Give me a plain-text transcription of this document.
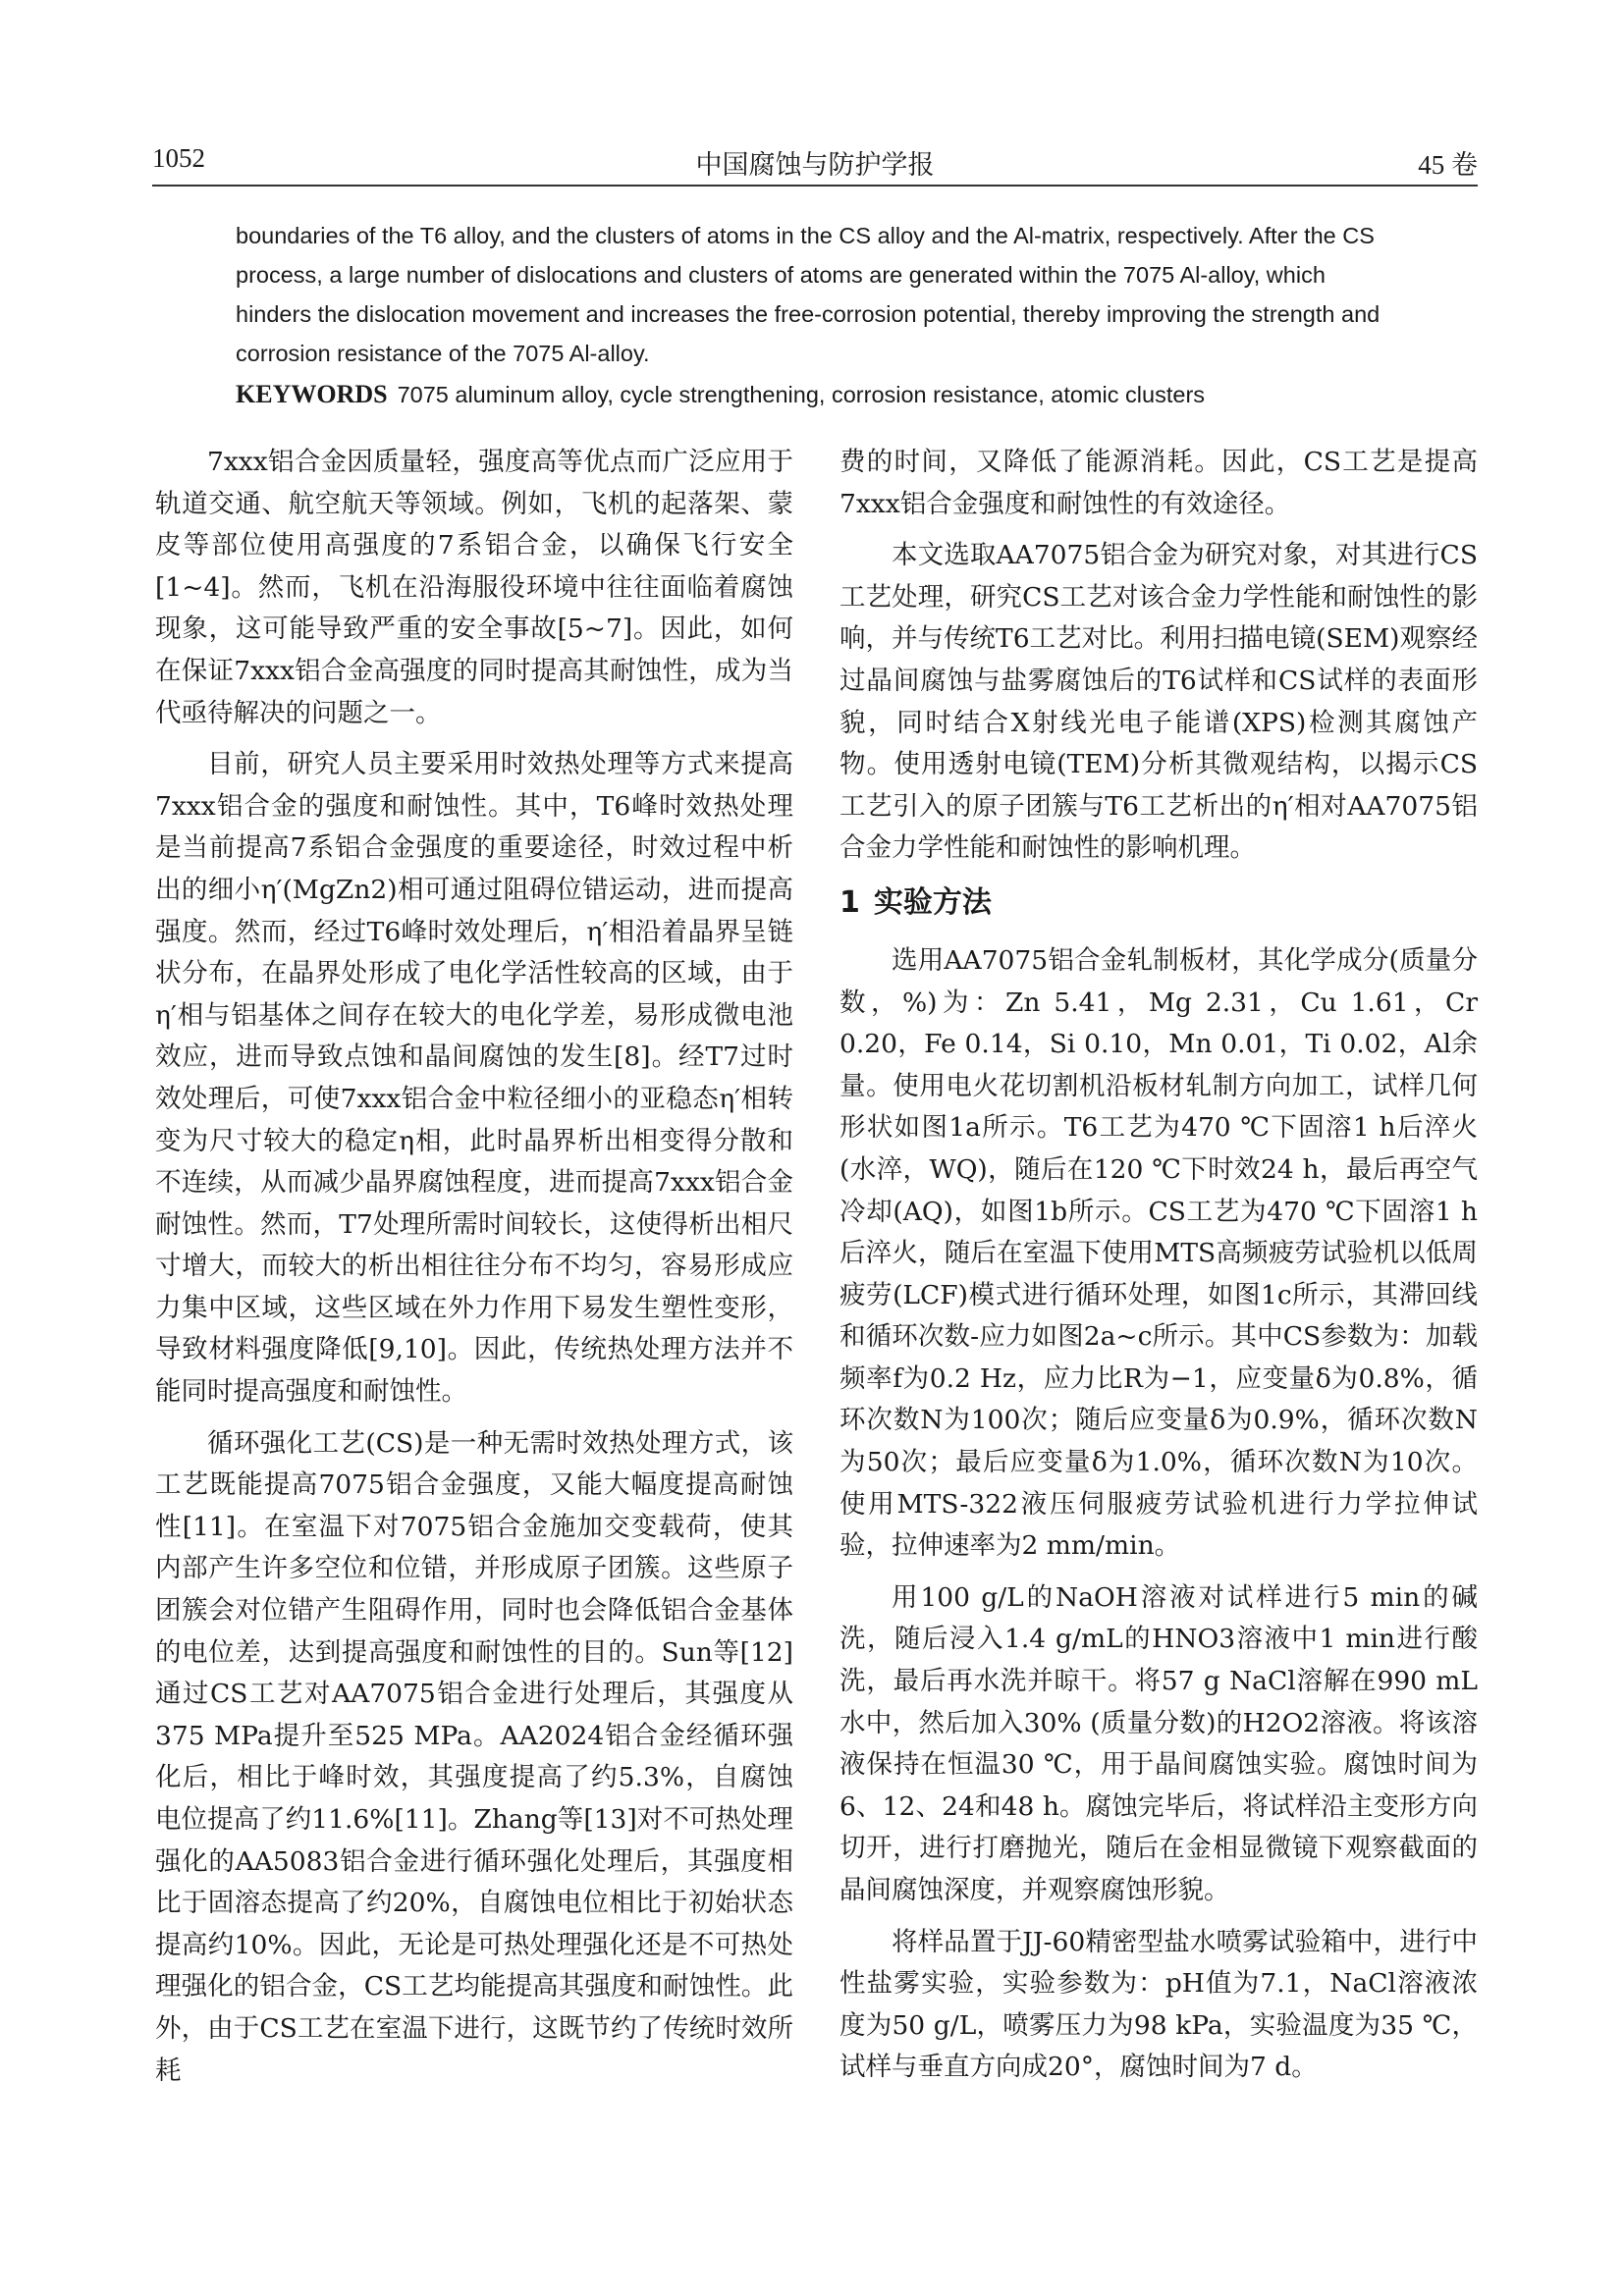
1052	中国腐蚀与防护学报	45 卷

boundaries of the T6 alloy, and the clusters of atoms in the CS alloy and the Al-matrix, respectively. After the CS process, a large number of dislocations and clusters of atoms are generated within the 7075 Al-alloy, which hinders the dislocation movement and increases the free-corrosion potential, thereby improving the strength and corrosion resistance of the 7075 Al-alloy.

KEYWORDS 7075 aluminum alloy, cycle strengthening, corrosion resistance, atomic clusters

7xxx铝合金因质量轻，强度高等优点而广泛应用于轨道交通、航空航天等领域。例如，飞机的起落架、蒙皮等部位使用高强度的7系铝合金，以确保飞行安全[1~4]。然而，飞机在沿海服役环境中往往面临着腐蚀现象，这可能导致严重的安全事故[5~7]。因此，如何在保证7xxx铝合金高强度的同时提高其耐蚀性，成为当代亟待解决的问题之一。

目前，研究人员主要采用时效热处理等方式来提高7xxx铝合金的强度和耐蚀性。其中，T6峰时效热处理是当前提高7系铝合金强度的重要途径，时效过程中析出的细小η′(MgZn2)相可通过阻碍位错运动，进而提高强度。然而，经过T6峰时效处理后，η′相沿着晶界呈链状分布，在晶界处形成了电化学活性较高的区域，由于η′相与铝基体之间存在较大的电化学差，易形成微电池效应，进而导致点蚀和晶间腐蚀的发生[8]。经T7过时效处理后，可使7xxx铝合金中粒径细小的亚稳态η′相转变为尺寸较大的稳定η相，此时晶界析出相变得分散和不连续，从而减少晶界腐蚀程度，进而提高7xxx铝合金耐蚀性。然而，T7处理所需时间较长，这使得析出相尺寸增大，而较大的析出相往往分布不均匀，容易形成应力集中区域，这些区域在外力作用下易发生塑性变形，导致材料强度降低[9,10]。因此，传统热处理方法并不能同时提高强度和耐蚀性。

循环强化工艺(CS)是一种无需时效热处理方式，该工艺既能提高7075铝合金强度，又能大幅度提高耐蚀性[11]。在室温下对7075铝合金施加交变载荷，使其内部产生许多空位和位错，并形成原子团簇。这些原子团簇会对位错产生阻碍作用，同时也会降低铝合金基体的电位差，达到提高强度和耐蚀性的目的。Sun等[12]通过CS工艺对AA7075铝合金进行处理后，其强度从375 MPa提升至525 MPa。AA2024铝合金经循环强化后，相比于峰时效，其强度提高了约5.3%，自腐蚀电位提高了约11.6%[11]。Zhang等[13]对不可热处理强化的AA5083铝合金进行循环强化处理后，其强度相比于固溶态提高了约20%，自腐蚀电位相比于初始状态提高约10%。因此，无论是可热处理强化还是不可热处理强化的铝合金，CS工艺均能提高其强度和耐蚀性。此外，由于CS工艺在室温下进行，这既节约了传统时效所耗

费的时间，又降低了能源消耗。因此，CS工艺是提高7xxx铝合金强度和耐蚀性的有效途径。

本文选取AA7075铝合金为研究对象，对其进行CS工艺处理，研究CS工艺对该合金力学性能和耐蚀性的影响，并与传统T6工艺对比。利用扫描电镜(SEM)观察经过晶间腐蚀与盐雾腐蚀后的T6试样和CS试样的表面形貌，同时结合X射线光电子能谱(XPS)检测其腐蚀产物。使用透射电镜(TEM)分析其微观结构，以揭示CS工艺引入的原子团簇与T6工艺析出的η′相对AA7075铝合金力学性能和耐蚀性的影响机理。

1 实验方法

选用AA7075铝合金轧制板材，其化学成分(质量分数，%)为：Zn 5.41，Mg 2.31，Cu 1.61，Cr 0.20，Fe 0.14，Si 0.10，Mn 0.01，Ti 0.02，Al余量。使用电火花切割机沿板材轧制方向加工，试样几何形状如图1a所示。T6工艺为470 ℃下固溶1 h后淬火(水淬，WQ)，随后在120 ℃下时效24 h，最后再空气冷却(AQ)，如图1b所示。CS工艺为470 ℃下固溶1 h后淬火，随后在室温下使用MTS高频疲劳试验机以低周疲劳(LCF)模式进行循环处理，如图1c所示，其滞回线和循环次数-应力如图2a~c所示。其中CS参数为：加载频率f为0.2 Hz，应力比R为−1，应变量δ为0.8%，循环次数N为100次；随后应变量δ为0.9%，循环次数N为50次；最后应变量δ为1.0%，循环次数N为10次。使用MTS-322液压伺服疲劳试验机进行力学拉伸试验，拉伸速率为2 mm/min。

用100 g/L的NaOH溶液对试样进行5 min的碱洗，随后浸入1.4 g/mL的HNO3溶液中1 min进行酸洗，最后再水洗并晾干。将57 g NaCl溶解在990 mL水中，然后加入30% (质量分数)的H2O2溶液。将该溶液保持在恒温30 ℃，用于晶间腐蚀实验。腐蚀时间为6、12、24和48 h。腐蚀完毕后，将试样沿主变形方向切开，进行打磨抛光，随后在金相显微镜下观察截面的晶间腐蚀深度，并观察腐蚀形貌。

将样品置于JJ-60精密型盐水喷雾试验箱中，进行中性盐雾实验，实验参数为：pH值为7.1，NaCl溶液浓度为50 g/L，喷雾压力为98 kPa，实验温度为35 ℃，试样与垂直方向成20°，腐蚀时间为7 d。
